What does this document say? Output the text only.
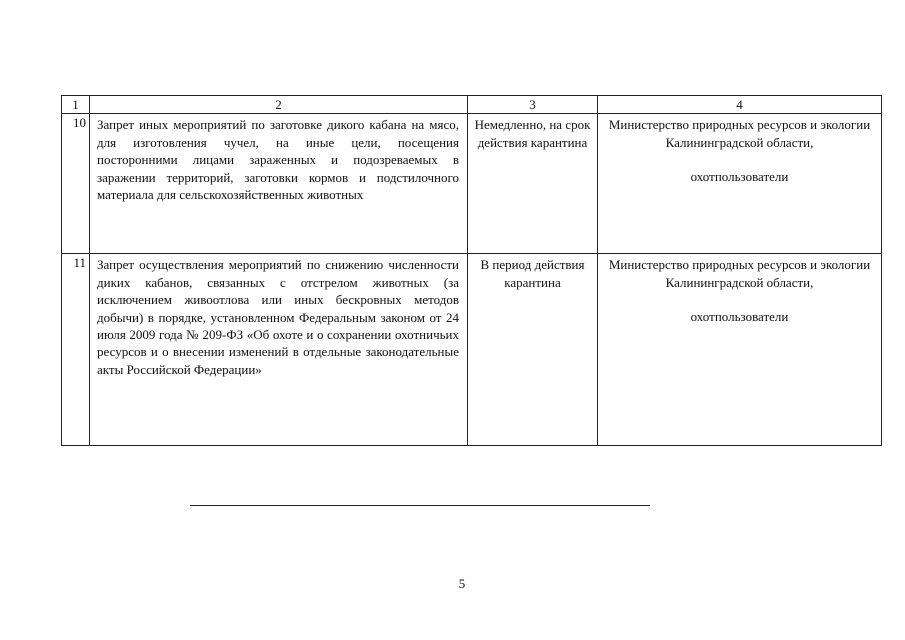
1	2	3	4
10	Запрет иных мероприятий по заготовке дикого кабана на мясо, для изготовления чучел, на иные цели, посещения посторонними лицами зараженных и подозреваемых в заражении территорий, заготовки кормов и подстилочного материала для сельскохозяйственных животных	Немедленно, на срок действия карантина	Министерство природных ресурсов и экологии Калининградской области,
охотпользователи
11	Запрет осуществления мероприятий по снижению численности диких кабанов, связанных с отстрелом животных (за исключением живоотлова или иных бескровных методов добычи) в порядке, установленном Федеральным законом от 24 июля 2009 года № 209-ФЗ «Об охоте и о сохранении охотничьих ресурсов и о внесении изменений в отдельные законодательные акты Российской Федерации»	В период действия карантина	Министерство природных ресурсов и экологии Калининградской области,
охотпользователи
5
